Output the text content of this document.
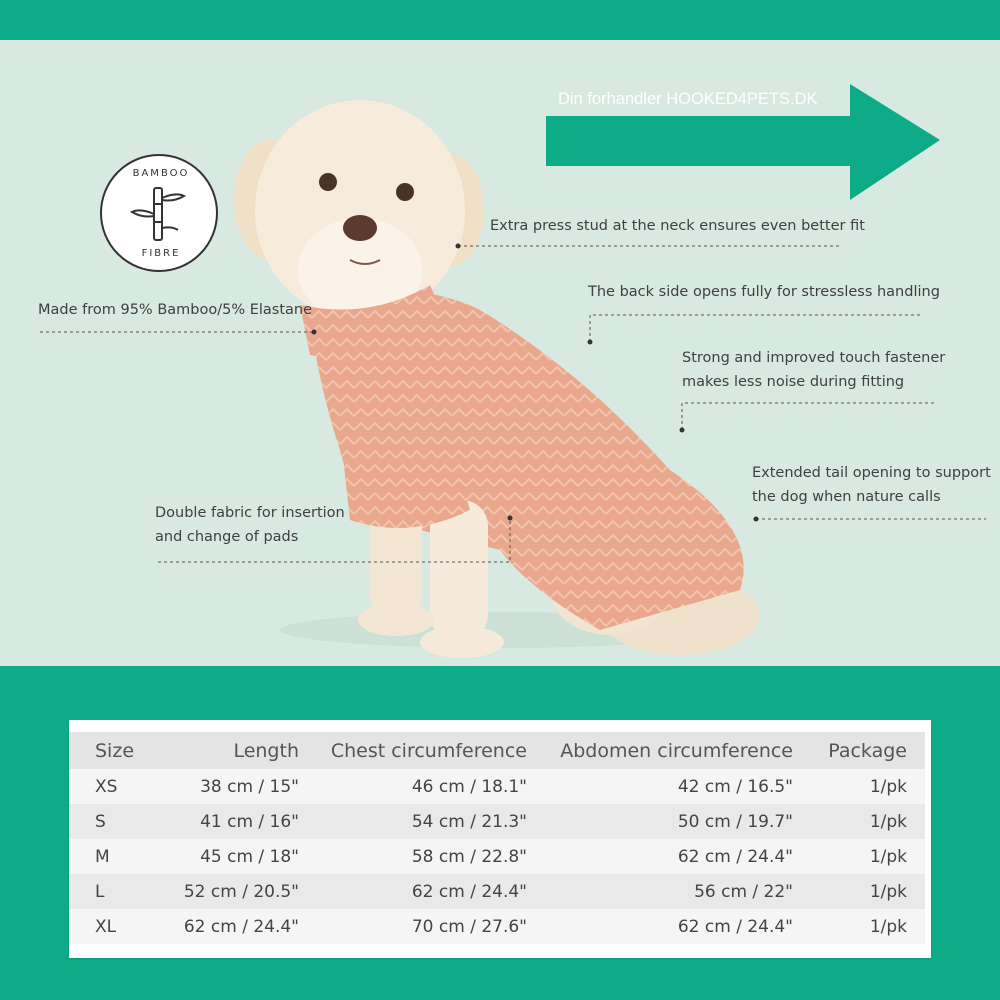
Din forhandler HOOKED4PETS.DK
BAMBOO
FIBRE
Extra press stud at the neck ensures even better fit
Made from 95% Bamboo/5% Elastane
The back side opens fully for stressless handling
Strong and improved touch fastener
makes less noise during fitting
Extended tail opening to support
the dog when nature calls
Double fabric for insertion
and change of pads
Size	Length	Chest circumference	Abdomen circumference	Package
XS	38 cm / 15"	46 cm / 18.1"	42 cm / 16.5"	1/pk
S	41 cm / 16"	54 cm / 21.3"	50 cm / 19.7"	1/pk
M	45 cm / 18"	58 cm / 22.8"	62 cm / 24.4"	1/pk
L	52 cm / 20.5"	62 cm / 24.4"	56 cm / 22"	1/pk
XL	62 cm / 24.4"	70 cm / 27.6"	62 cm / 24.4"	1/pk
